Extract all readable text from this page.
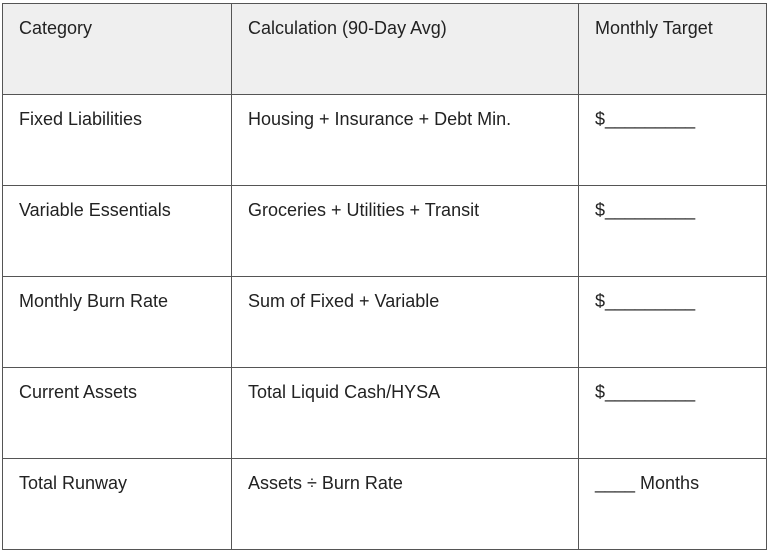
Category	Calculation (90-Day Avg)	Monthly Target
Fixed Liabilities	Housing + Insurance + Debt Min.	$_________
Variable Essentials	Groceries + Utilities + Transit	$_________
Monthly Burn Rate	Sum of Fixed + Variable	$_________
Current Assets	Total Liquid Cash/HYSA	$_________
Total Runway	Assets ÷ Burn Rate	____ Months
